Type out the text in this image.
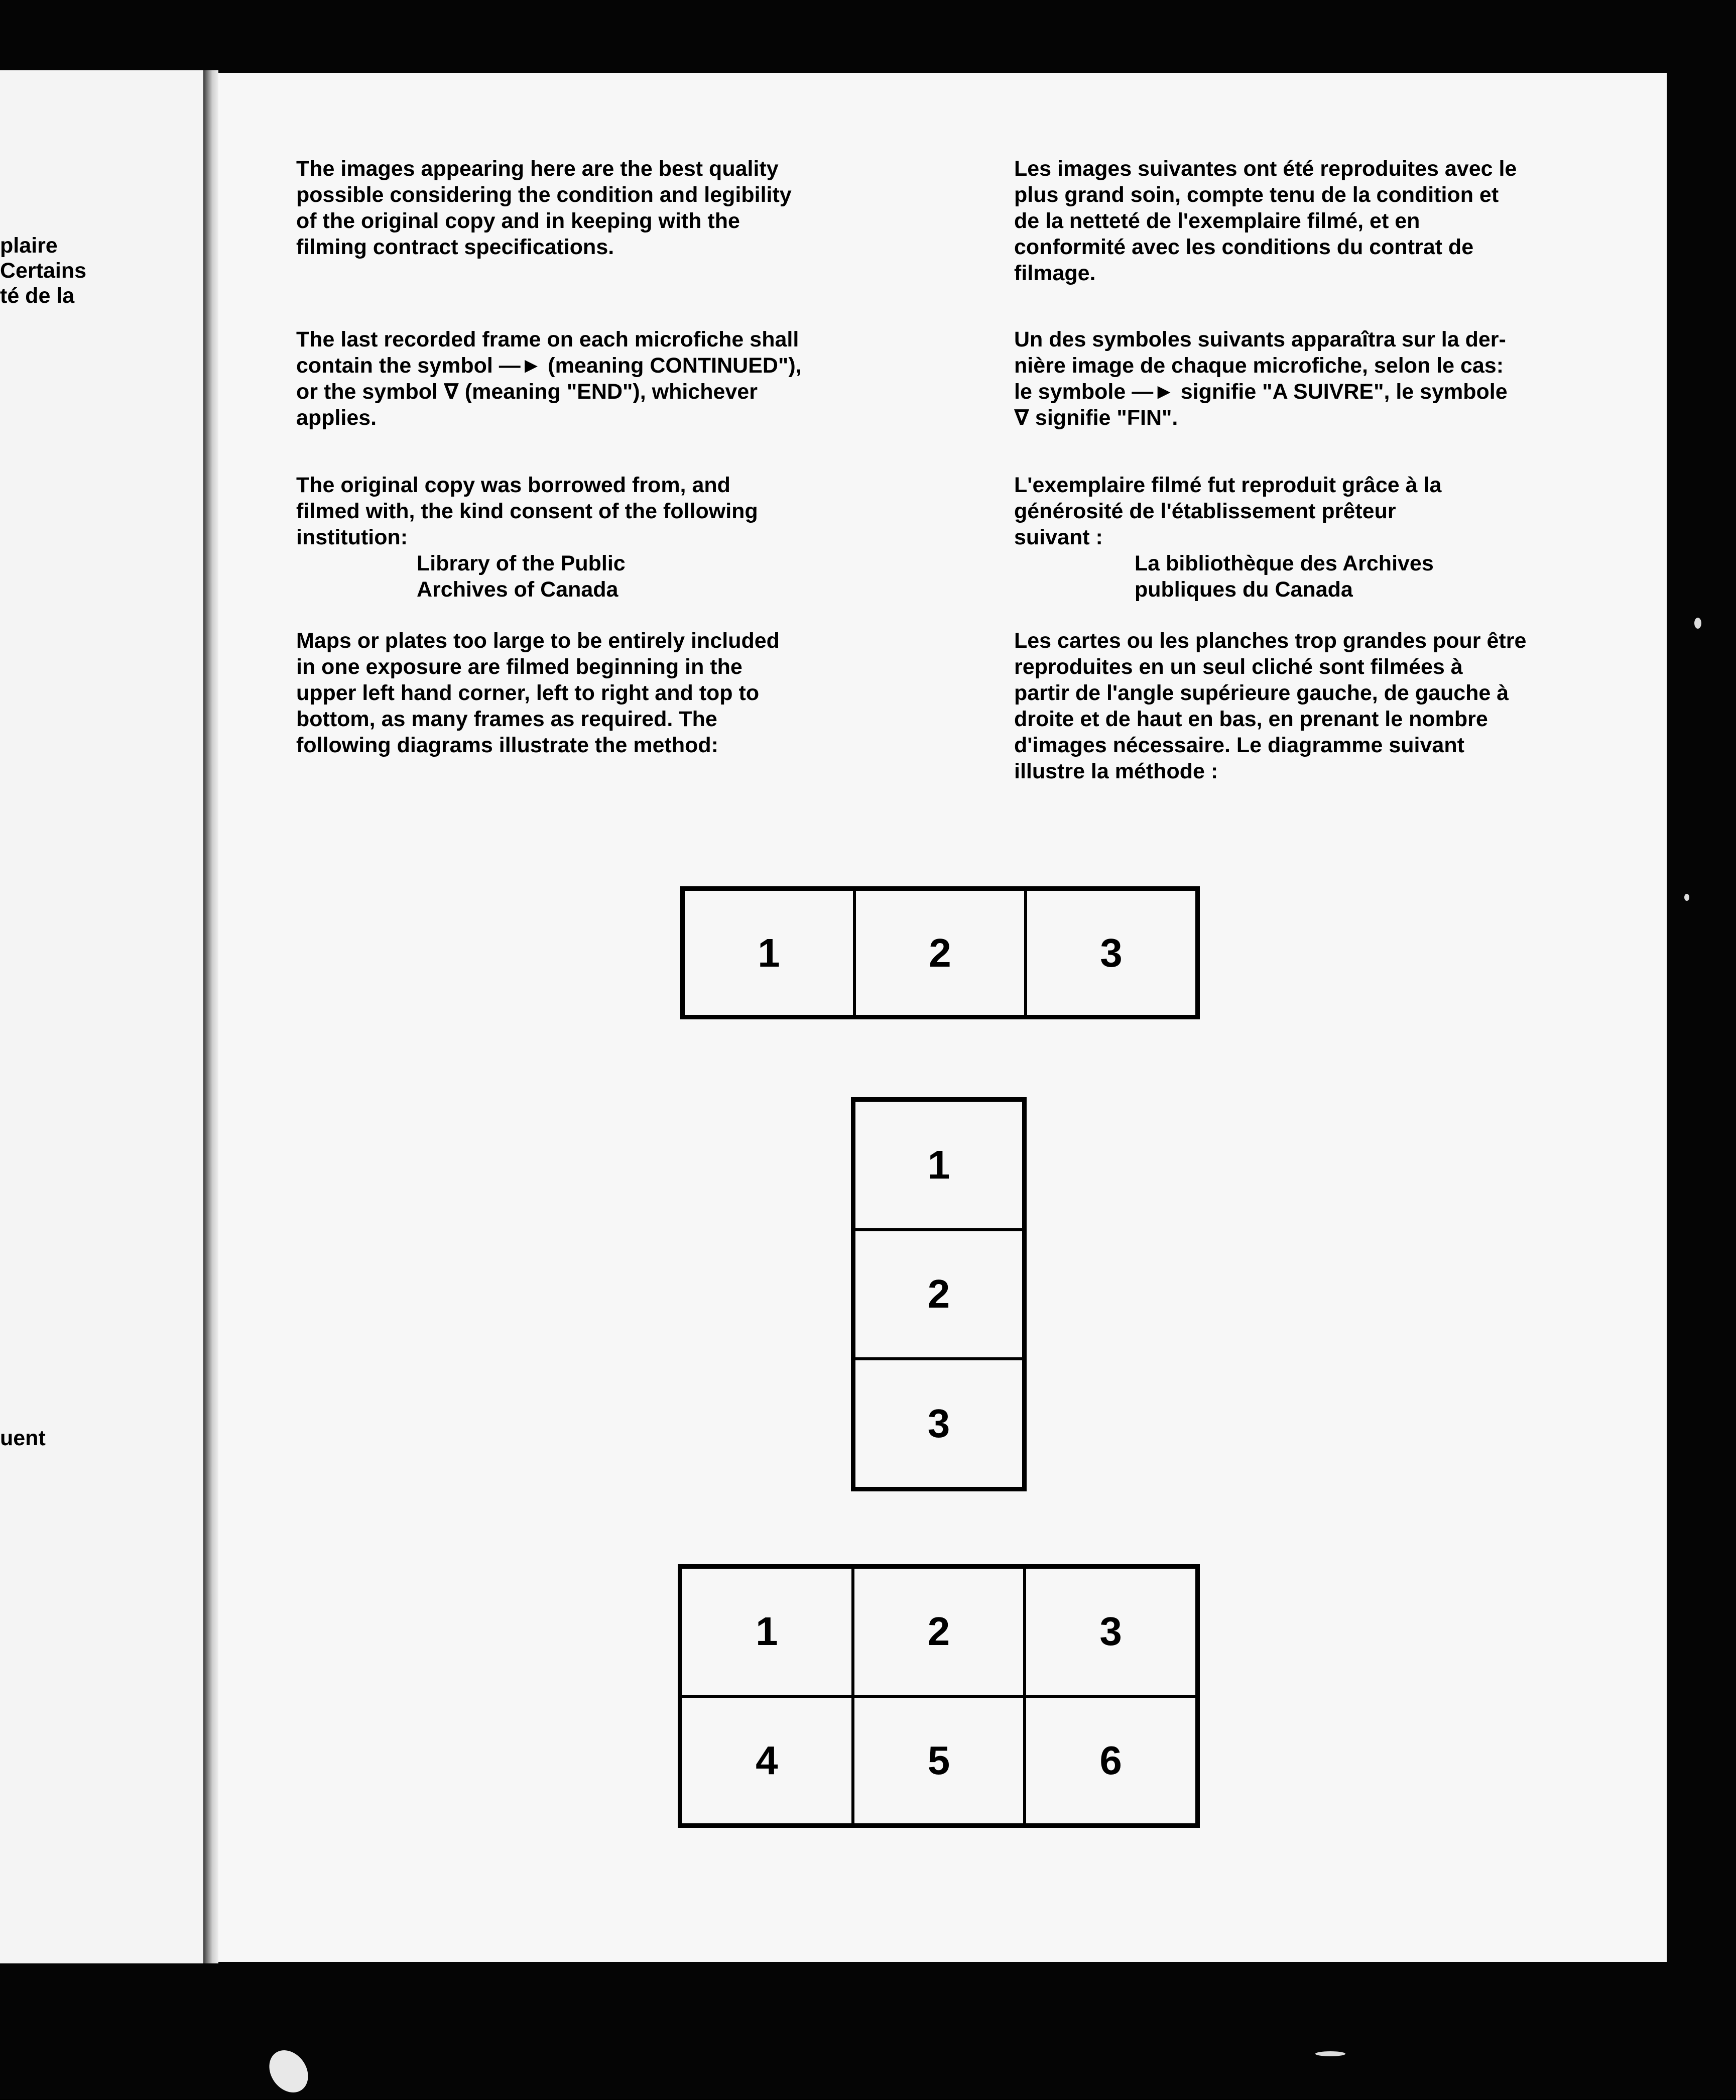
plaire
Certains
té de la
uent

The images appearing here are the best quality
possible considering the condition and legibility
of the original copy and in keeping with the
filming contract specifications.

The last recorded frame on each microfiche shall
contain the symbol —► (meaning CONTINUED"),
or the symbol ∇ (meaning "END"), whichever
applies.

The original copy was borrowed from, and
filmed with, the kind consent of the following
institution:

Library of the Public
Archives of Canada

Maps or plates too large to be entirely included
in one exposure are filmed beginning in the
upper left hand corner, left to right and top to
bottom, as many frames as required. The
following diagrams illustrate the method:

Les images suivantes ont été reproduites avec le
plus grand soin, compte tenu de la condition et
de la netteté de l'exemplaire filmé, et en
conformité avec les conditions du contrat de
filmage.

Un des symboles suivants apparaîtra sur la der-
nière image de chaque microfiche, selon le cas:
le symbole —► signifie "A SUIVRE", le symbole
∇ signifie "FIN".

L'exemplaire filmé fut reproduit grâce à la
générosité de l'établissement prêteur
suivant :

La bibliothèque des Archives
publiques du Canada

Les cartes ou les planches trop grandes pour être
reproduites en un seul cliché sont filmées à
partir de l'angle supérieure gauche, de gauche à
droite et de haut en bas, en prenant le nombre
d'images nécessaire. Le diagramme suivant
illustre la méthode :

1	2	3
1
2
3
1	2	3
4	5	6
